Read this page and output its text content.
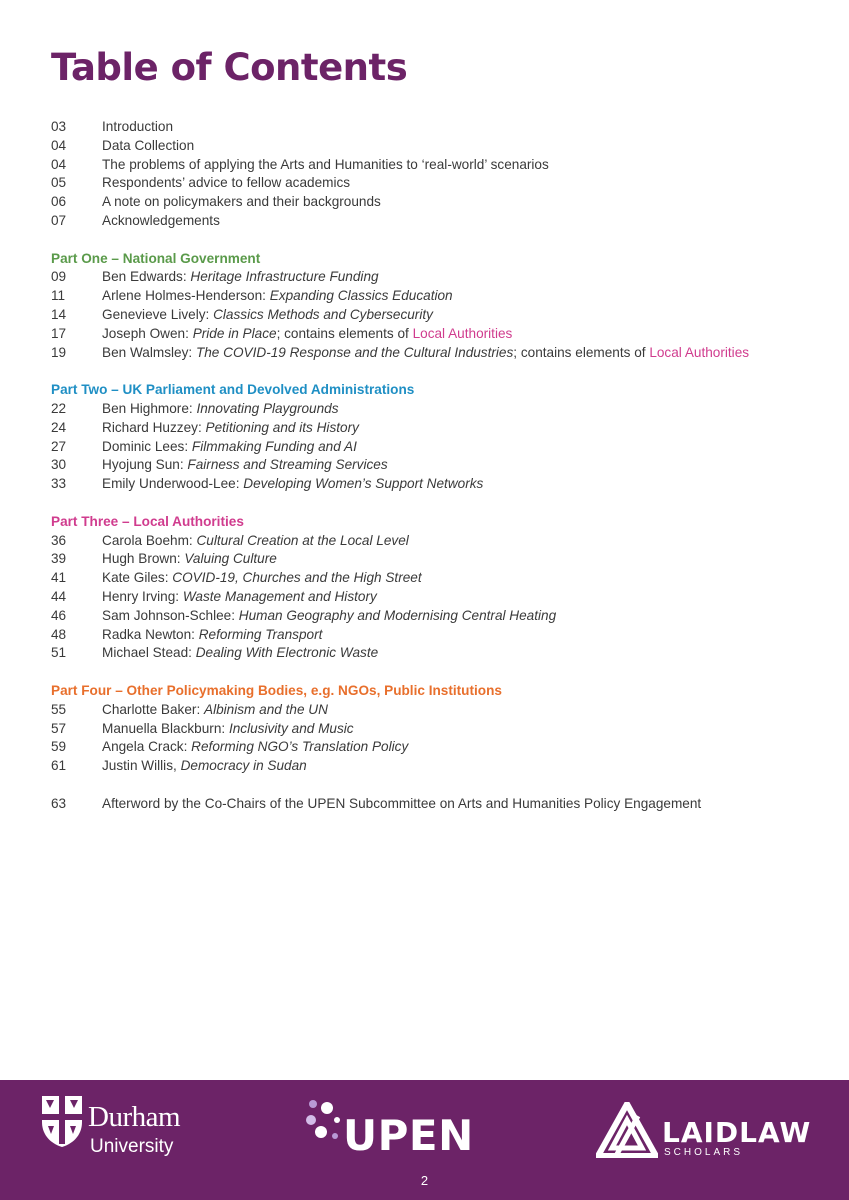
Table of Contents
03	Introduction
04	Data Collection
04	The problems of applying the Arts and Humanities to ‘real-world’ scenarios
05	Respondents’ advice to fellow academics
06	A note on policymakers and their backgrounds
07	Acknowledgements
Part One – National Government
09	Ben Edwards: Heritage Infrastructure Funding
11	Arlene Holmes-Henderson: Expanding Classics Education
14	Genevieve Lively: Classics Methods and Cybersecurity
17	Joseph Owen: Pride in Place; contains elements of Local Authorities
19	Ben Walmsley: The COVID-19 Response and the Cultural Industries; contains elements of Local Authorities
Part Two – UK Parliament and Devolved Administrations
22	Ben Highmore: Innovating Playgrounds
24	Richard Huzzey: Petitioning and its History
27	Dominic Lees: Filmmaking Funding and AI
30	Hyojung Sun: Fairness and Streaming Services
33	Emily Underwood-Lee: Developing Women’s Support Networks
Part Three – Local Authorities
36	Carola Boehm: Cultural Creation at the Local Level
39	Hugh Brown: Valuing Culture
41	Kate Giles: COVID-19, Churches and the High Street
44	Henry Irving: Waste Management and History
46	Sam Johnson-Schlee: Human Geography and Modernising Central Heating
48	Radka Newton: Reforming Transport
51	Michael Stead: Dealing With Electronic Waste
Part Four – Other Policymaking Bodies, e.g. NGOs, Public Institutions
55	Charlotte Baker: Albinism and the UN
57	Manuella Blackburn: Inclusivity and Music
59	Angela Crack: Reforming NGO’s Translation Policy
61	Justin Willis, Democracy in Sudan
63	Afterword by the Co-Chairs of the UPEN Subcommittee on Arts and Humanities Policy Engagement
Durham
University	UPEN	LAIDLAW
SCHOLARS
2
